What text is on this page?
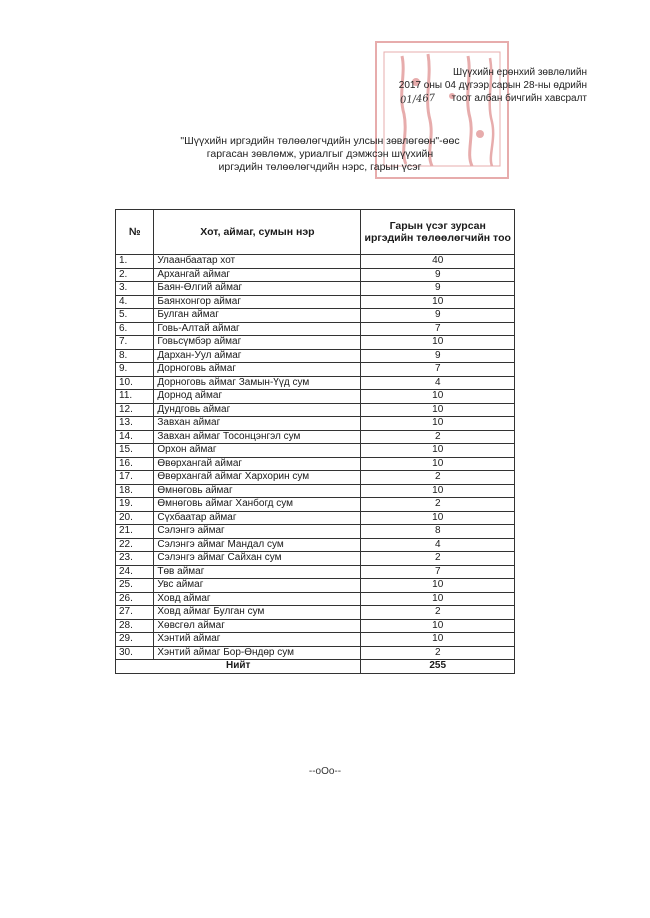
Шүүхийн ерөнхий зөвлөлийн
2017 оны 04 дүгээр сарын 28-ны өдрийн
тоот албан бичгийн хавсралт
01/467
"Шүүхийн иргэдийн төлөөлөгчдийн улсын зөвлөгөөн"-өөс
гаргасан зөвлөмж, уриалгыг дэмжсэн шүүхийн
иргэдийн төлөөлөгчдийн нэрс, гарын үсэг
№	Хот, аймаг, сумын нэр	Гарын үсэг зурсан иргэдийн төлөөлөгчийн тоо
1.	Улаанбаатар хот	40
2.	Архангай аймаг	9
3.	Баян-Өлгий аймаг	9
4.	Баянхонгор аймаг	10
5.	Булган аймаг	9
6.	Говь-Алтай аймаг	7
7.	Говьсүмбэр аймаг	10
8.	Дархан-Уул аймаг	9
9.	Дорноговь аймаг	7
10.	Дорноговь аймаг Замын-Үүд сум	4
11.	Дорнод аймаг	10
12.	Дундговь аймаг	10
13.	Завхан аймаг	10
14.	Завхан аймаг Тосонцэнгэл сум	2
15.	Орхон аймаг	10
16.	Өвөрхангай аймаг	10
17.	Өвөрхангай аймаг Хархорин сум	2
18.	Өмнөговь аймаг	10
19.	Өмнөговь аймаг Ханбогд сум	2
20.	Сүхбаатар аймаг	10
21.	Сэлэнгэ аймаг	8
22.	Сэлэнгэ аймаг Мандал сум	4
23.	Сэлэнгэ аймаг Сайхан сум	2
24.	Төв аймаг	7
25.	Увс аймаг	10
26.	Ховд аймаг	10
27.	Ховд аймаг Булган сум	2
28.	Хөвсгөл аймаг	10
29.	Хэнтий аймаг	10
30.	Хэнтий аймаг Бор-Өндөр сум	2
Нийт		255
--oOo--
